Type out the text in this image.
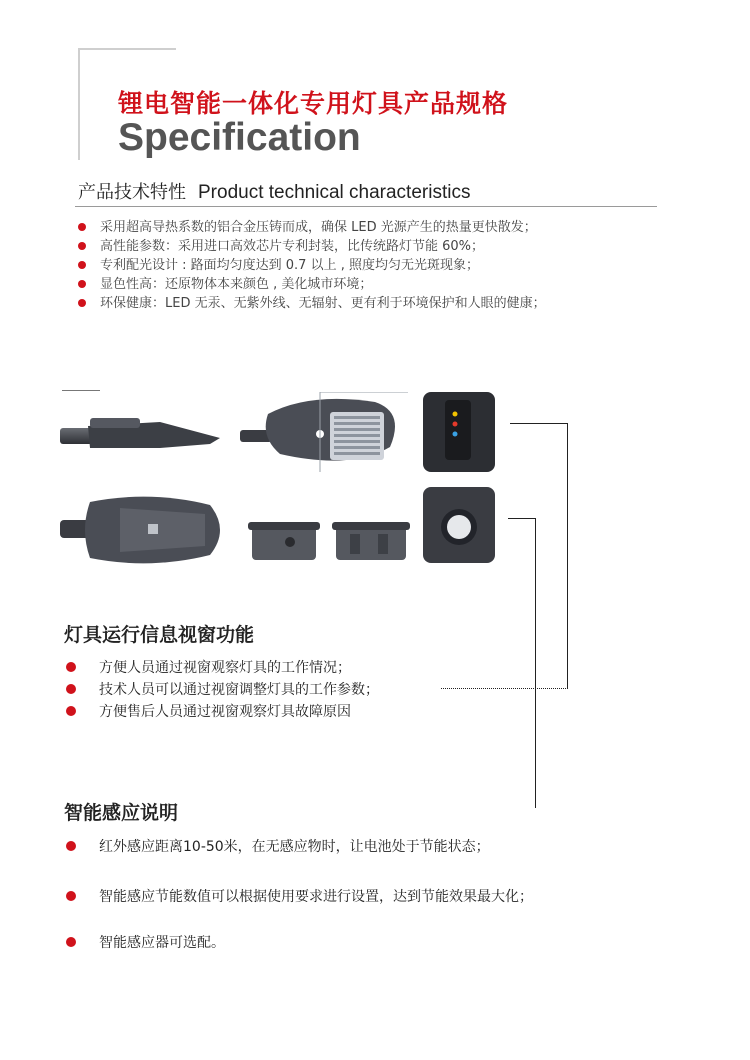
锂电智能一体化专用灯具产品规格
Specification
产品技术特性 Product technical characteristics
采用超高导热系数的铝合金压铸而成，确保 LED 光源产生的热量更快散发；
高性能参数：采用进口高效芯片专利封装，比传统路灯节能 60%；
专利配光设计 : 路面均匀度达到 0.7 以上 , 照度均匀无光斑现象；
显色性高：还原物体本来颜色 , 美化城市环境；
环保健康：LED 无汞、无紫外线、无辐射、更有利于环境保护和人眼的健康；
灯具运行信息视窗功能
方便人员通过视窗观察灯具的工作情况；
技术人员可以通过视窗调整灯具的工作参数；
方便售后人员通过视窗观察灯具故障原因
智能感应说明
红外感应距离10-50米，在无感应物时，让电池处于节能状态；
智能感应节能数值可以根据使用要求进行设置，达到节能效果最大化；
智能感应器可选配。
